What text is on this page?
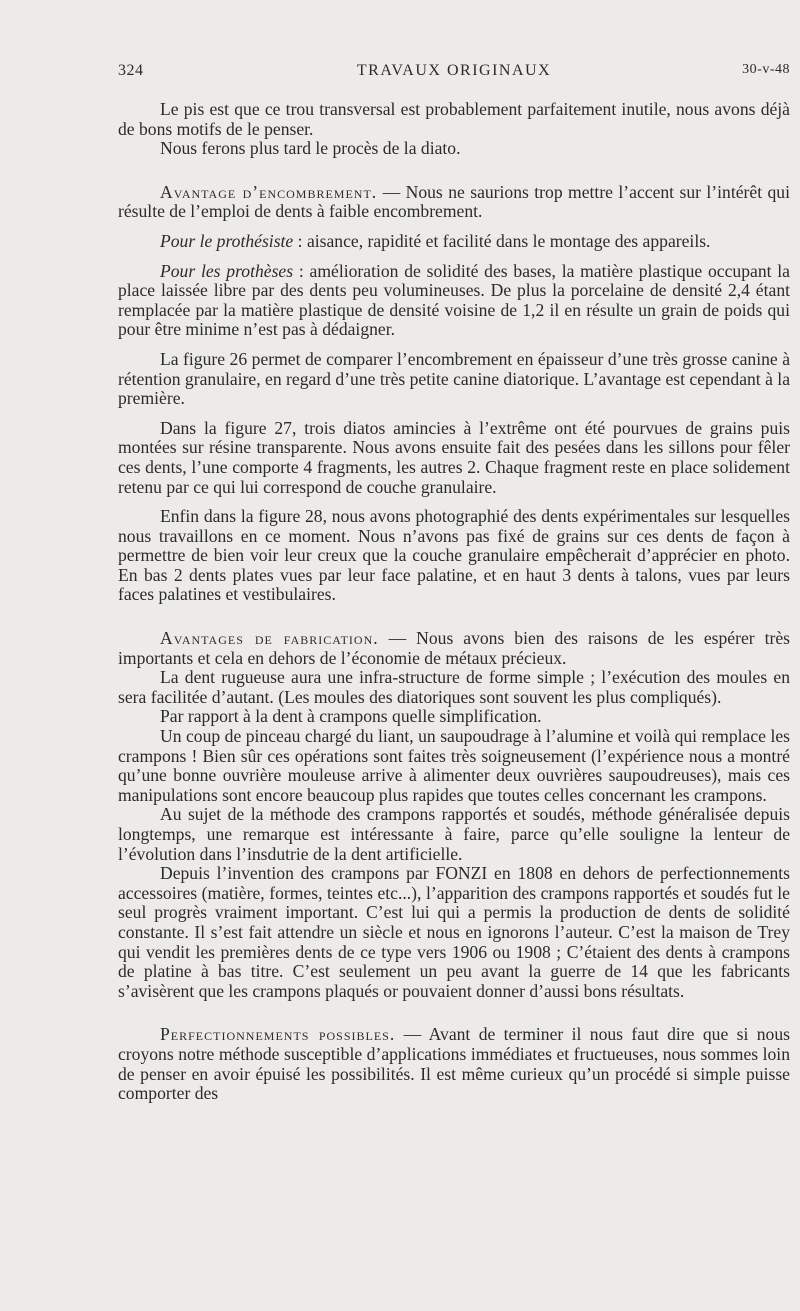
324	TRAVAUX ORIGINAUX	30-v-48

Le pis est que ce trou transversal est probablement parfaitement inutile, nous avons déjà de bons motifs de le penser.

Nous ferons plus tard le procès de la diato.

Avantage d’encombrement. — Nous ne saurions trop mettre l’accent sur l’intérêt qui résulte de l’emploi de dents à faible encombrement.

Pour le prothésiste : aisance, rapidité et facilité dans le montage des appareils.

Pour les prothèses : amélioration de solidité des bases, la matière plastique occupant la place laissée libre par des dents peu volumineuses. De plus la porcelaine de densité 2,4 étant remplacée par la matière plastique de densité voisine de 1,2 il en résulte un grain de poids qui pour être minime n’est pas à dédaigner.

La figure 26 permet de comparer l’encombrement en épaisseur d’une très grosse canine à rétention granulaire, en regard d’une très petite canine diatorique. L’avantage est cependant à la première.

Dans la figure 27, trois diatos amincies à l’extrême ont été pourvues de grains puis montées sur résine transparente. Nous avons ensuite fait des pesées dans les sillons pour fêler ces dents, l’une comporte 4 fragments, les autres 2. Chaque fragment reste en place solidement retenu par ce qui lui correspond de couche granulaire.

Enfin dans la figure 28, nous avons photographié des dents expérimentales sur lesquelles nous travaillons en ce moment. Nous n’avons pas fixé de grains sur ces dents de façon à permettre de bien voir leur creux que la couche granulaire empêcherait d’apprécier en photo. En bas 2 dents plates vues par leur face palatine, et en haut 3 dents à talons, vues par leurs faces palatines et vestibulaires.

Avantages de fabrication. — Nous avons bien des raisons de les espérer très importants et cela en dehors de l’économie de métaux précieux.

La dent rugueuse aura une infra-structure de forme simple ; l’exécution des moules en sera facilitée d’autant. (Les moules des diatoriques sont souvent les plus compliqués).

Par rapport à la dent à crampons quelle simplification.

Un coup de pinceau chargé du liant, un saupoudrage à l’alumine et voilà qui remplace les crampons ! Bien sûr ces opérations sont faites très soigneusement (l’expérience nous a montré qu’une bonne ouvrière mouleuse arrive à alimenter deux ouvrières saupoudreuses), mais ces manipulations sont encore beaucoup plus rapides que toutes celles concernant les crampons.

Au sujet de la méthode des crampons rapportés et soudés, méthode généralisée depuis longtemps, une remarque est intéressante à faire, parce qu’elle souligne la lenteur de l’évolution dans l’insdutrie de la dent artificielle.

Depuis l’invention des crampons par FONZI en 1808 en dehors de perfectionnements accessoires (matière, formes, teintes etc...), l’apparition des crampons rapportés et soudés fut le seul progrès vraiment important. C’est lui qui a permis la production de dents de solidité constante. Il s’est fait attendre un siècle et nous en ignorons l’auteur. C’est la maison de Trey qui vendit les premières dents de ce type vers 1906 ou 1908 ; C’étaient des dents à crampons de platine à bas titre. C’est seulement un peu avant la guerre de 14 que les fabricants s’avisèrent que les crampons plaqués or pouvaient donner d’aussi bons résultats.

Perfectionnements possibles. — Avant de terminer il nous faut dire que si nous croyons notre méthode susceptible d’applications immédiates et fructueuses, nous sommes loin de penser en avoir épuisé les possibilités. Il est même curieux qu’un procédé si simple puisse comporter des
